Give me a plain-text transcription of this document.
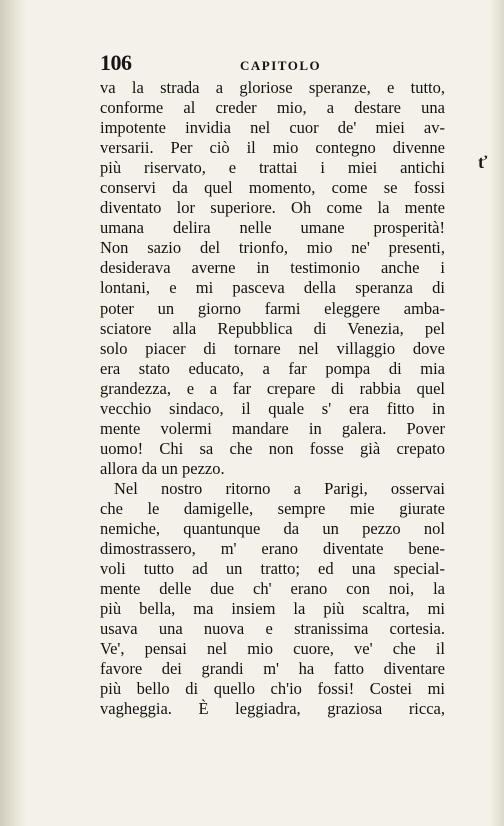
106	CAPITOLO
ť
va la strada a gloriose speranze, e tutto,
conforme al creder mio, a destare una
impotente invidia nel cuor de' miei av-
versarii. Per ciò il mio contegno divenne
più riservato, e trattai i miei antichi
conservi da quel momento, come se fossi
diventato lor superiore. Oh come la mente
umana delira nelle umane prosperità!
Non sazio del trionfo, mio ne' presenti,
desiderava averne in testimonio anche i
lontani, e mi pasceva della speranza di
poter un giorno farmi eleggere amba-
sciatore alla Repubblica di Venezia, pel
solo piacer di tornare nel villaggio dove
era stato educato, a far pompa di mia
grandezza, e a far crepare di rabbia quel
vecchio sindaco, il quale s' era fitto in
mente volermi mandare in galera. Pover
uomo! Chi sa che non fosse già crepato
allora da un pezzo.
Nel nostro ritorno a Parigi, osservai
che le damigelle, sempre mie giurate
nemiche, quantunque da un pezzo nol
dimostrassero, m' erano diventate bene-
voli tutto ad un tratto; ed una special-
mente delle due ch' erano con noi, la
più bella, ma insiem la più scaltra, mi
usava una nuova e stranissima cortesia.
Ve', pensai nel mio cuore, ve' che il
favore dei grandi m' ha fatto diventare
più bello di quello ch'io fossi! Costei mi
vagheggia. È leggiadra, graziosa ricca,
